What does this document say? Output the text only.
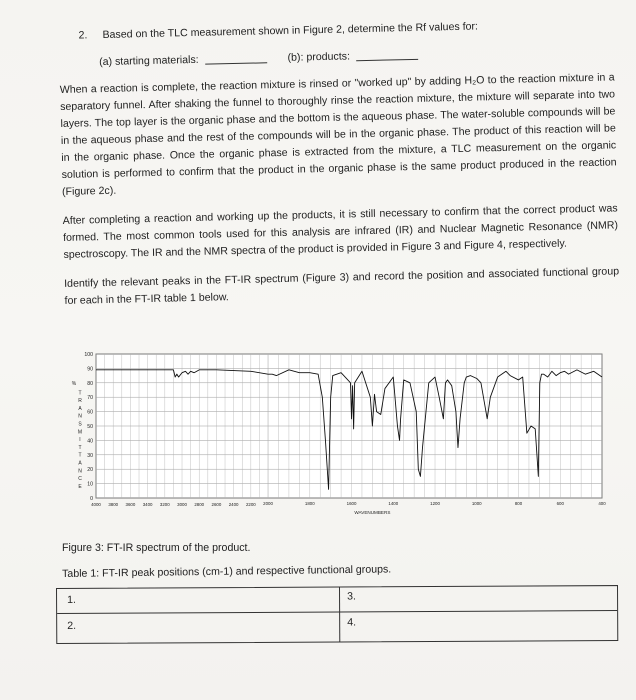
2. Based on the TLC measurement shown in Figure 2, determine the Rf values for:
(a) starting materials:	(b): products:
When a reaction is complete, the reaction mixture is rinsed or "worked up" by adding H₂O to the reaction mixture in a separatory funnel. After shaking the funnel to thoroughly rinse the reaction mixture, the mixture will separate into two layers. The top layer is the organic phase and the bottom is the aqueous phase. The water-soluble compounds will be in the aqueous phase and the rest of the compounds will be in the organic phase. The product of this reaction will be in the organic phase. Once the organic phase is extracted from the mixture, a TLC measurement on the organic solution is performed to confirm that the product in the organic phase is the same product produced in the reaction (Figure 2c).
After completing a reaction and working up the products, it is still necessary to confirm that the correct product was formed. The most common tools used for this analysis are infrared (IR) and Nuclear Magnetic Resonance (NMR) spectroscopy. The IR and the NMR spectra of the product is provided in Figure 3 and Figure 4, respectively.
Identify the relevant peaks in the FT-IR spectrum (Figure 3) and record the position and associated functional group for each in the FT-IR table 1 below.
100
90
80
70
60
50
40
30
20
10
0
4000 3800 3600 3400 3200 3000 2800 2600 2400 2200 2000	1800	1600	1400	1200	1000	800	600	400
WAVENUMBERS
%
T R A N S M I T T A N C E
Figure 3: FT-IR spectrum of the product.
Table 1: FT-IR peak positions (cm-1) and respective functional groups.
1.	3.
2.	4.
